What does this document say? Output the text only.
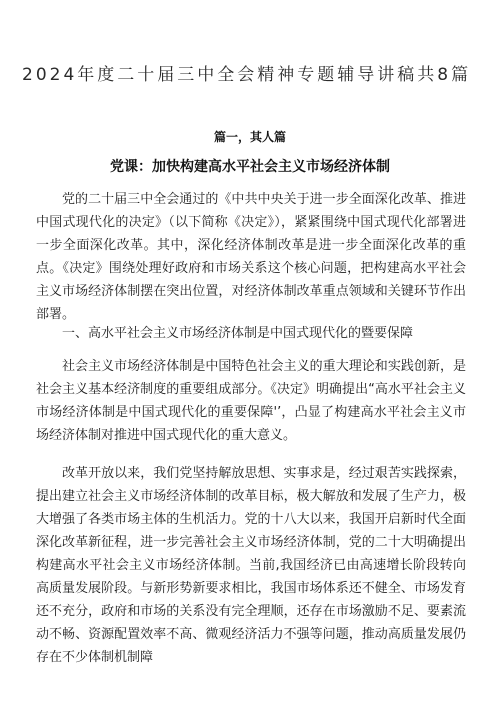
2024年度二十届三中全会精神专题辅导讲稿共8篇
篇一，其人篇
党课：加快构建高水平社会主义市场经济体制

党的二十届三中全会通过的《中共中央关于进一步全面深化改革、推进中国式现代化的决定》（以下简称《决定》），紧紧围绕中国式现代化部署进一步全面深化改革。其中，深化经济体制改革是进一步全面深化改革的重点。《决定》围绕处理好政府和市场关系这个核心问题，把构建高水平社会主义市场经济体制摆在突出位置，对经济体制改革重点领域和关键环节作出部署。

一、高水平社会主义市场经济体制是中国式现代化的暨要保障

社会主义市场经济体制是中国特色社会主义的重大理论和实践创新，是社会主义基本经济制度的重要组成部分。《决定》明确提出“高水平社会主义市场经济体制是中国式现代化的重要保障'’，凸显了构建高水平社会主义市场经济体制对推进中国式现代化的重大意义。

改革开放以来，我们党坚持解放思想、实事求是，经过艰苦实践探索，提出建立社会主义市场经济体制的改革目标，极大解放和发展了生产力，极大增强了各类市场主体的生机活力。党的十八大以来，我国开启新时代全面深化改革新征程，进一步完善社会主义市场经济体制，党的二十大明确提出构建高水平社会主义市场经济体制。当前,我国经济已由高速增长阶段转向高质量发展阶段。与新形势新要求相比，我国市场体系还不健全、市场发育还不充分，政府和市场的关系没有完全理顺，还存在市场激励不足、要素流动不畅、资源配置效率不高、微观经济活力不强等问题，推动高质量发展仍存在不少体制机制障
